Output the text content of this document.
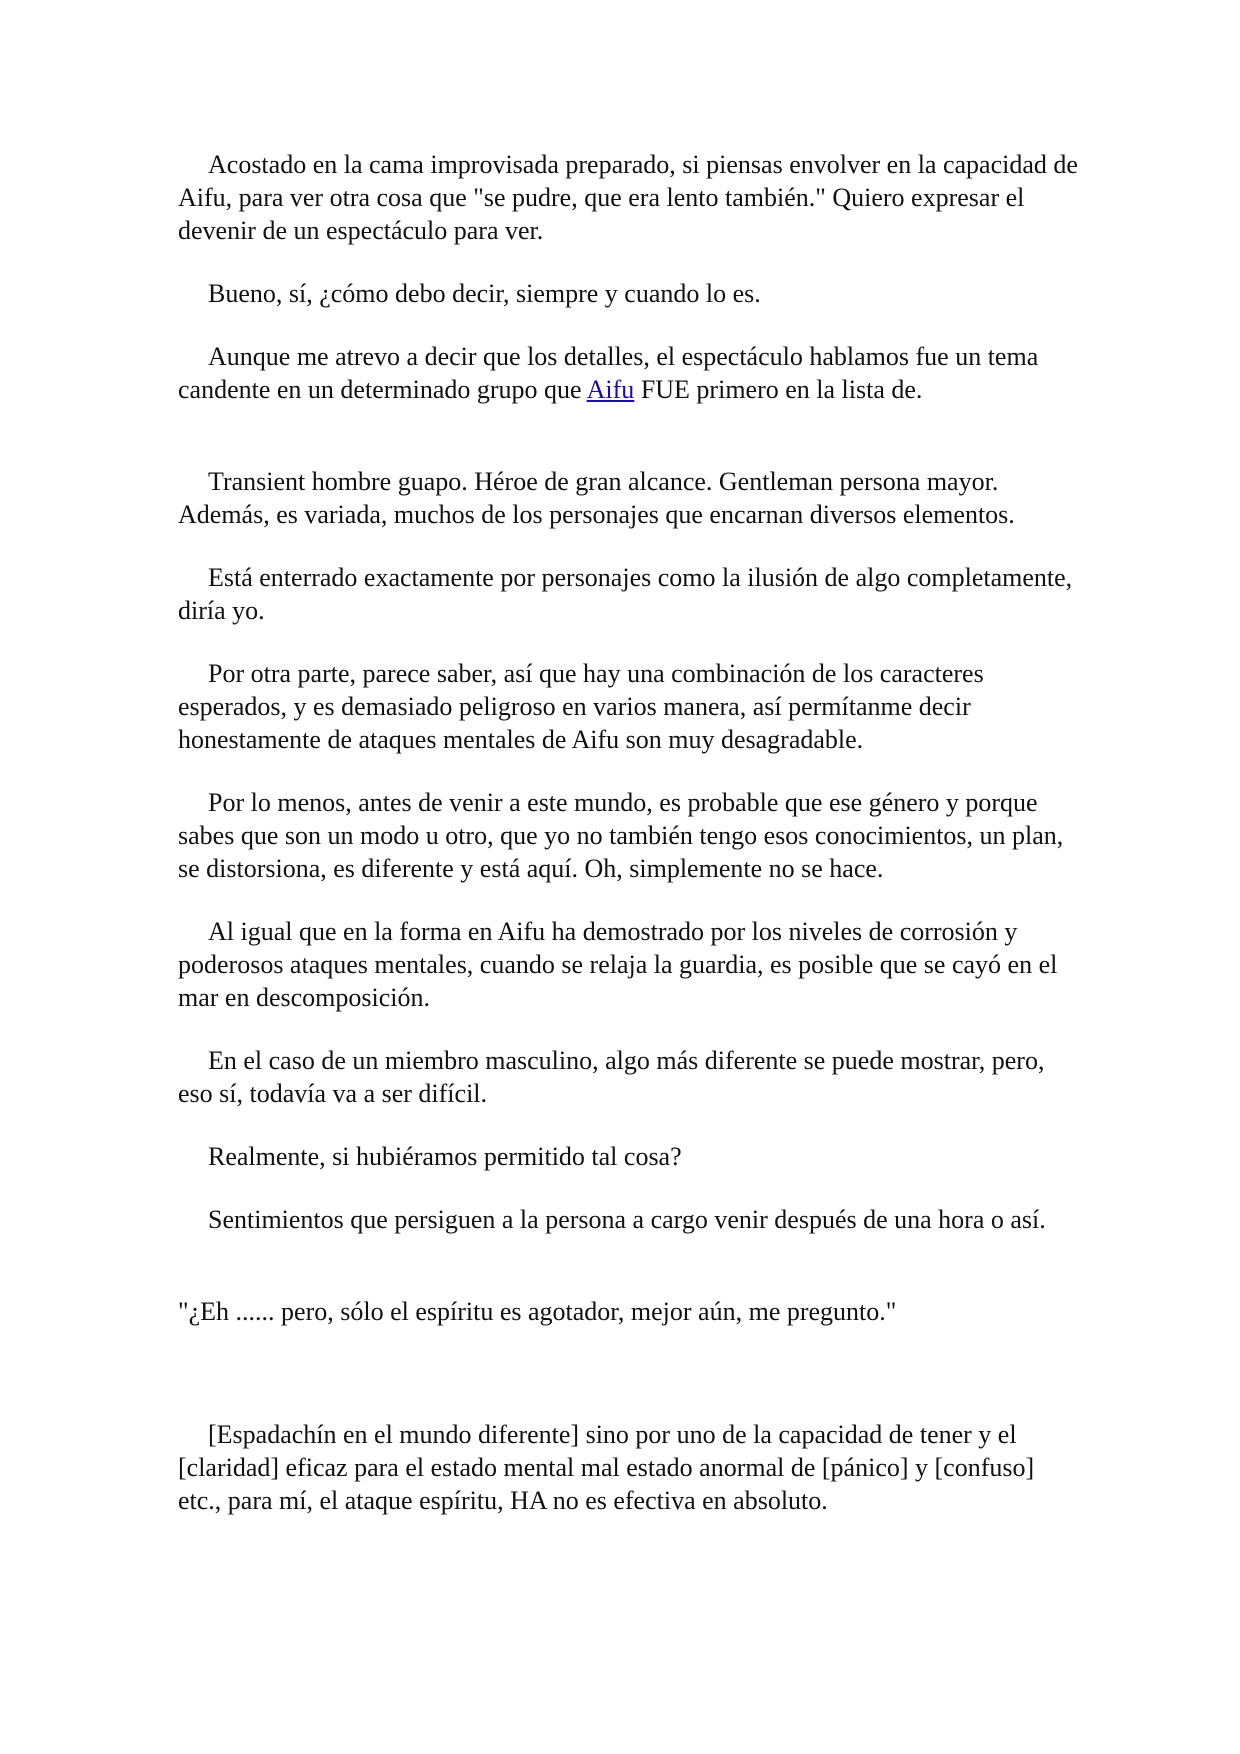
Acostado en la cama improvisada preparado, si piensas envolver en la capacidad de Aifu, para ver otra cosa que "se pudre, que era lento también." Quiero expresar el devenir de un espectáculo para ver.

Bueno, sí, ¿cómo debo decir, siempre y cuando lo es.

Aunque me atrevo a decir que los detalles, el espectáculo hablamos fue un tema candente en un determinado grupo que Aifu FUE primero en la lista de.

Transient hombre guapo. Héroe de gran alcance. Gentleman persona mayor. Además, es variada, muchos de los personajes que encarnan diversos elementos.

Está enterrado exactamente por personajes como la ilusión de algo completamente, diría yo.

Por otra parte, parece saber, así que hay una combinación de los caracteres esperados, y es demasiado peligroso en varios manera, así permítanme decir honestamente de ataques mentales de Aifu son muy desagradable.

Por lo menos, antes de venir a este mundo, es probable que ese género y porque sabes que son un modo u otro, que yo no también tengo esos conocimientos, un plan, se distorsiona, es diferente y está aquí. Oh, simplemente no se hace.

Al igual que en la forma en Aifu ha demostrado por los niveles de corrosión y poderosos ataques mentales, cuando se relaja la guardia, es posible que se cayó en el mar en descomposición.

En el caso de un miembro masculino, algo más diferente se puede mostrar, pero, eso sí, todavía va a ser difícil.

Realmente, si hubiéramos permitido tal cosa?

Sentimientos que persiguen a la persona a cargo venir después de una hora o así.

"¿Eh ...... pero, sólo el espíritu es agotador, mejor aún, me pregunto."

[Espadachín en el mundo diferente] sino por uno de la capacidad de tener y el [claridad] eficaz para el estado mental mal estado anormal de [pánico] y [confuso] etc., para mí, el ataque espíritu, HA no es efectiva en absoluto.
